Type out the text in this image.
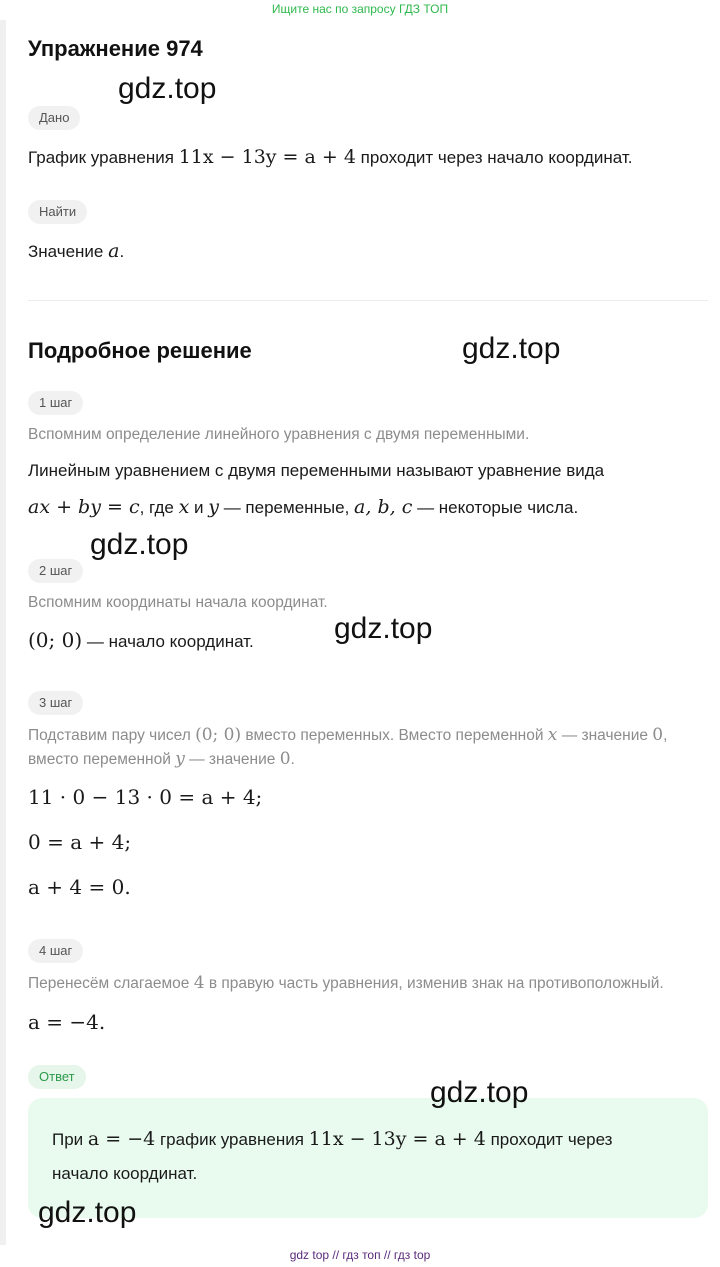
Ищите нас по запросу ГДЗ ТОП
Упражнение 974
Дано
График уравнения 11x − 13y = a + 4 проходит через начало координат.
Найти
Значение a.
Подробное решение
1 шаг
Вспомним определение линейного уравнения с двумя переменными.
Линейным уравнением с двумя переменными называют уравнение вида
ax + by = c, где x и y — переменные, a, b, c — некоторые числа.
2 шаг
Вспомним координаты начала координат.
(0; 0) — начало координат.
3 шаг
Подставим пару чисел (0; 0) вместо переменных. Вместо переменной x — значение 0,
вместо переменной y — значение 0.
11 · 0 − 13 · 0 = a + 4;
0 = a + 4;
a + 4 = 0.
4 шаг
Перенесём слагаемое 4 в правую часть уравнения, изменив знак на противоположный.
a = −4.
Ответ
При a = −4 график уравнения 11x − 13y = a + 4 проходит через
начало координат.
gdz.top
gdz.top
gdz.top
gdz.top
gdz.top
gdz.top
gdz top // гдз топ // гдз top
